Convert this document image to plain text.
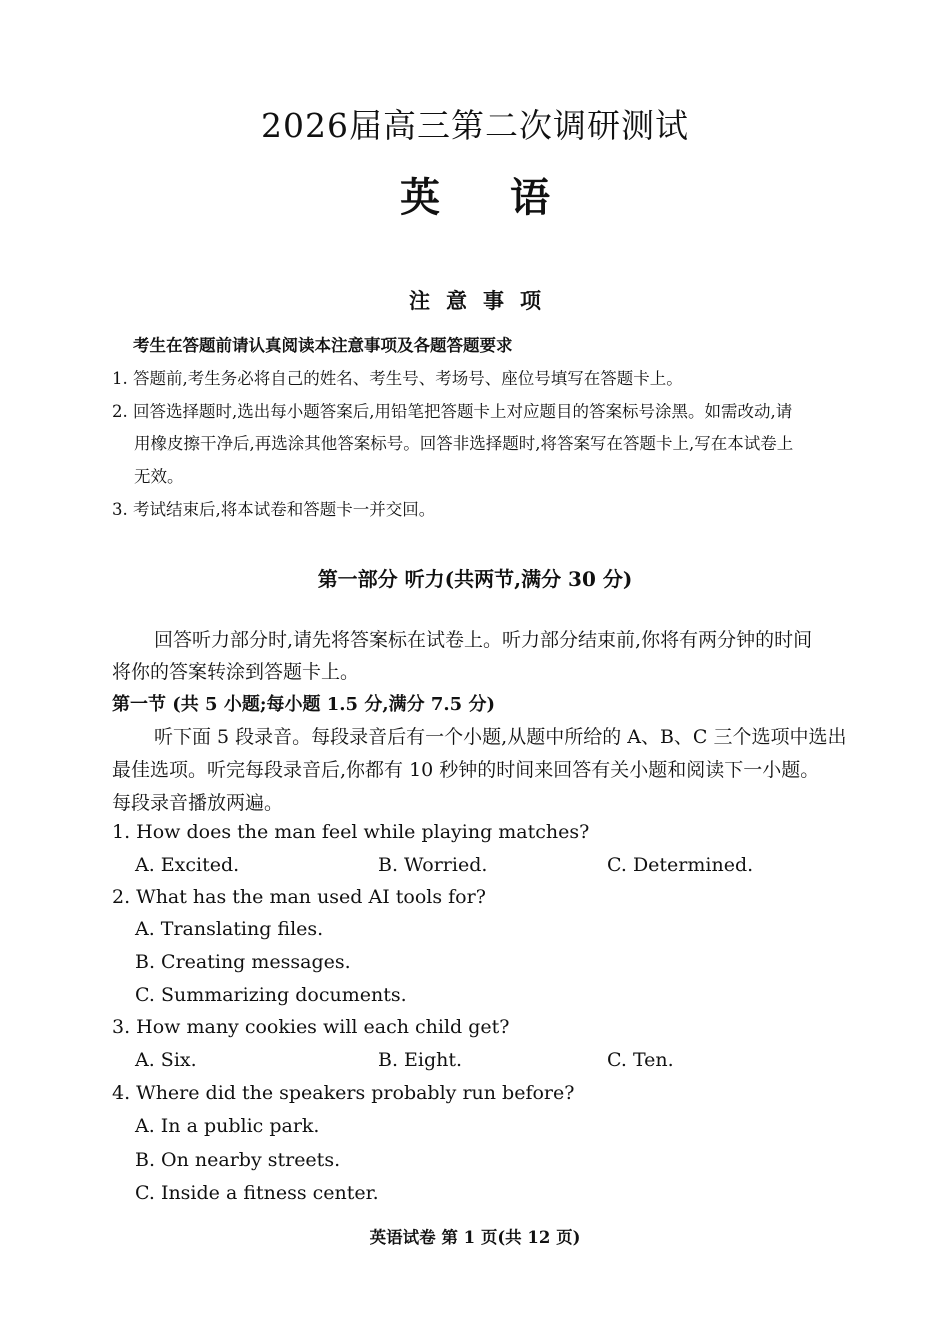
2026届高三第二次调研测试
英语
注意事项
考生在答题前请认真阅读本注意事项及各题答题要求
1. 答题前,考生务必将自己的姓名、考生号、考场号、座位号填写在答题卡上。
2. 回答选择题时,选出每小题答案后,用铅笔把答题卡上对应题目的答案标号涂黑。如需改动,请
用橡皮擦干净后,再选涂其他答案标号。回答非选择题时,将答案写在答题卡上,写在本试卷上
无效。
3. 考试结束后,将本试卷和答题卡一并交回。
第一部分 听力(共两节,满分 30 分)
回答听力部分时,请先将答案标在试卷上。听力部分结束前,你将有两分钟的时间
将你的答案转涂到答题卡上。
第一节 (共 5 小题;每小题 1.5 分,满分 7.5 分)
听下面 5 段录音。每段录音后有一个小题,从题中所给的 A、B、C 三个选项中选出
最佳选项。听完每段录音后,你都有 10 秒钟的时间来回答有关小题和阅读下一小题。
每段录音播放两遍。
1. How does the man feel while playing matches?
A. Excited.	B. Worried.	C. Determined.
2. What has the man used AI tools for?
A. Translating files.
B. Creating messages.
C. Summarizing documents.
3. How many cookies will each child get?
A. Six.	B. Eight.	C. Ten.
4. Where did the speakers probably run before?
A. In a public park.
B. On nearby streets.
C. Inside a fitness center.
英语试卷 第 1 页(共 12 页)
